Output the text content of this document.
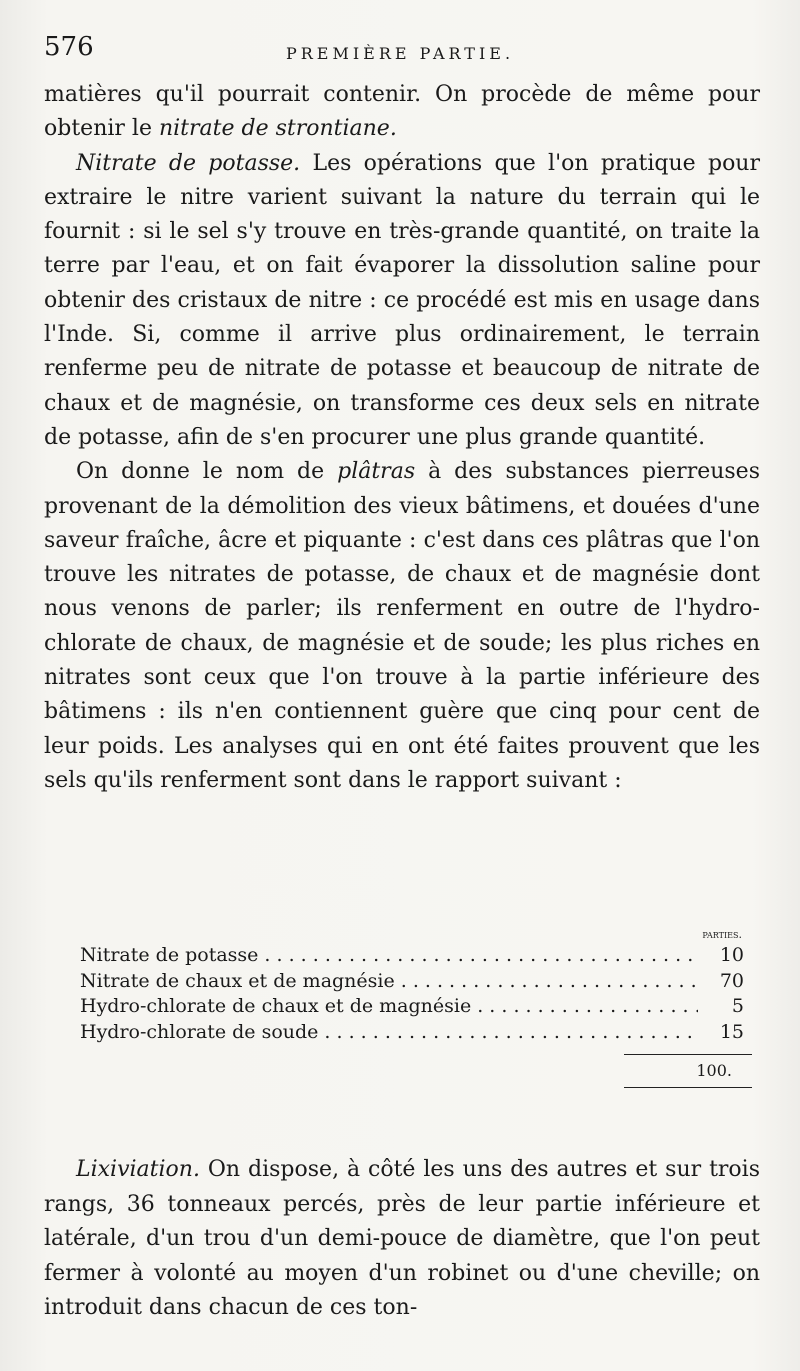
576	PREMIÈRE PARTIE.

matières qu'il pourrait contenir. On procède de même pour obtenir le nitrate de strontiane.

Nitrate de potasse. Les opérations que l'on pratique pour extraire le nitre varient suivant la nature du terrain qui le fournit : si le sel s'y trouve en très-grande quantité, on traite la terre par l'eau, et on fait évaporer la dissolution saline pour obtenir des cristaux de nitre : ce procédé est mis en usage dans l'Inde. Si, comme il arrive plus ordinairement, le terrain renferme peu de nitrate de potasse et beaucoup de nitrate de chaux et de magnésie, on transforme ces deux sels en nitrate de potasse, afin de s'en procurer une plus grande quantité.

On donne le nom de plâtras à des substances pierreuses provenant de la démolition des vieux bâtimens, et douées d'une saveur fraîche, âcre et piquante : c'est dans ces plâtras que l'on trouve les nitrates de potasse, de chaux et de magnésie dont nous venons de parler; ils renferment en outre de l'hydro-chlorate de chaux, de magnésie et de soude; les plus riches en nitrates sont ceux que l'on trouve à la partie inférieure des bâtimens : ils n'en contiennent guère que cinq pour cent de leur poids. Les analyses qui en ont été faites prouvent que les sels qu'ils renferment sont dans le rapport suivant :

parties.
Nitrate de potasse . . .	10
Nitrate de chaux et de magnésie . . .	70
Hydro-chlorate de chaux et de magnésie . . .	5
Hydro-chlorate de soude . . .	15
100.

Lixiviation. On dispose, à côté les uns des autres et sur trois rangs, 36 tonneaux percés, près de leur partie inférieure et latérale, d'un trou d'un demi-pouce de diamètre, que l'on peut fermer à volonté au moyen d'un robinet ou d'une cheville; on introduit dans chacun de ces ton-
